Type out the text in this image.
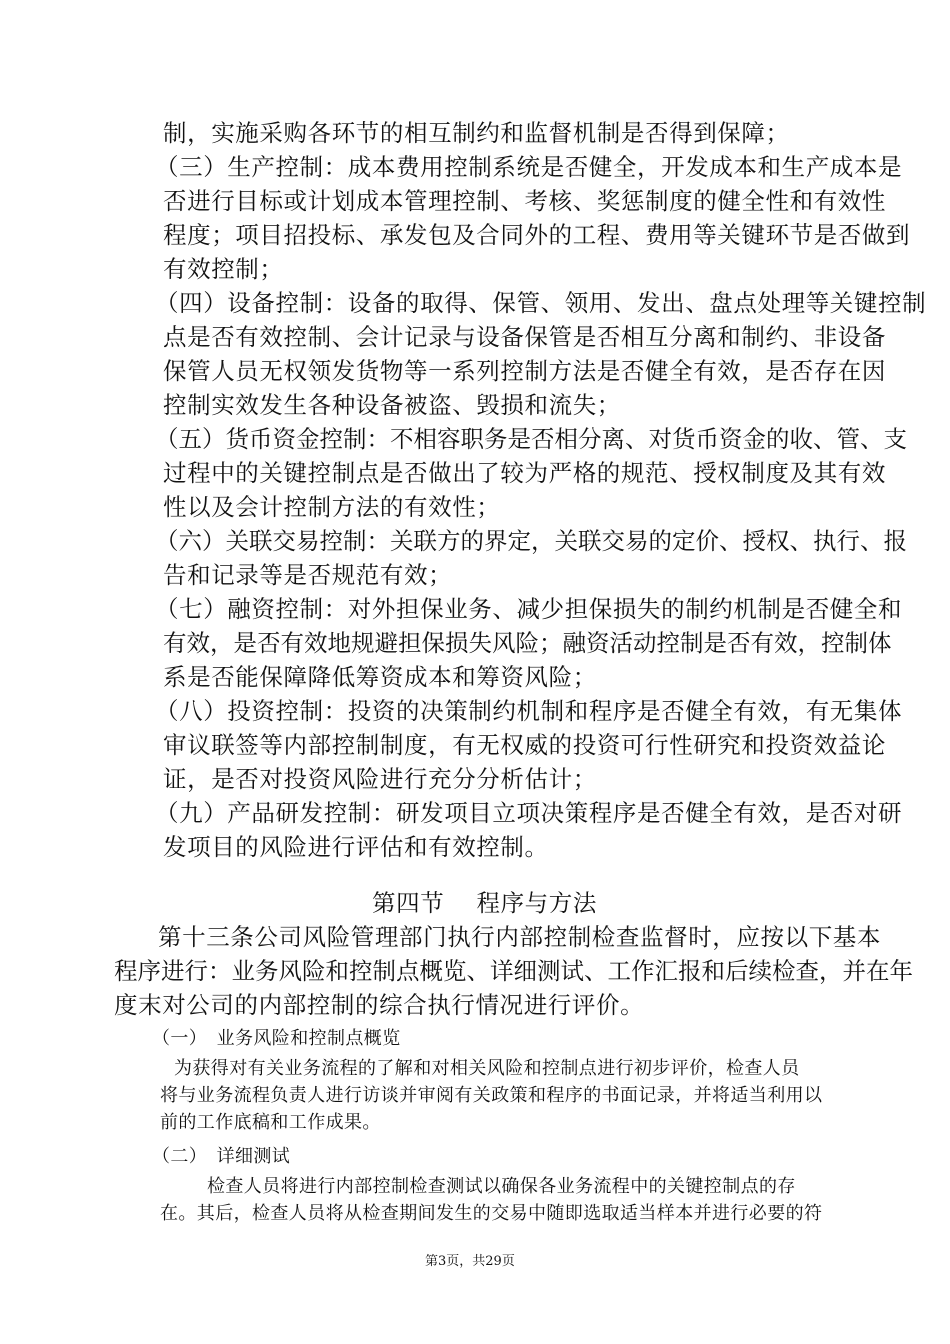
制，实施采购各环节的相互制约和监督机制是否得到保障；
（三）生产控制：成本费用控制系统是否健全，开发成本和生产成本是
否进行目标或计划成本管理控制、考核、奖惩制度的健全性和有效性
程度；项目招投标、承发包及合同外的工程、费用等关键环节是否做到
有效控制；
（四）设备控制：设备的取得、保管、领用、发出、盘点处理等关键控制
点是否有效控制、会计记录与设备保管是否相互分离和制约、非设备
保管人员无权领发货物等一系列控制方法是否健全有效，是否存在因
控制实效发生各种设备被盗、毁损和流失；
（五）货币资金控制：不相容职务是否相分离、对货币资金的收、管、支
过程中的关键控制点是否做出了较为严格的规范、授权制度及其有效
性以及会计控制方法的有效性；
（六）关联交易控制：关联方的界定，关联交易的定价、授权、执行、报
告和记录等是否规范有效；
（七）融资控制：对外担保业务、减少担保损失的制约机制是否健全和
有效，是否有效地规避担保损失风险；融资活动控制是否有效，控制体
系是否能保障降低筹资成本和筹资风险；
（八）投资控制：投资的决策制约机制和程序是否健全有效，有无集体
审议联签等内部控制制度，有无权威的投资可行性研究和投资效益论
证，是否对投资风险进行充分分析估计；
（九）产品研发控制：研发项目立项决策程序是否健全有效，是否对研
发项目的风险进行评估和有效控制。
第四节　 程序与方法
第十三条公司风险管理部门执行内部控制检查监督时，应按以下基本
程序进行：业务风险和控制点概览、详细测试、工作汇报和后续检查，并在年
度末对公司的内部控制的综合执行情况进行评价。
（一）　业务风险和控制点概览
为获得对有关业务流程的了解和对相关风险和控制点进行初步评价，检查人员
将与业务流程负责人进行访谈并审阅有关政策和程序的书面记录，并将适当利用以
前的工作底稿和工作成果。
（二）　详细测试
检查人员将进行内部控制检查测试以确保各业务流程中的关键控制点的存
在。其后，检查人员将从检查期间发生的交易中随即选取适当样本并进行必要的符
第3页，共29页
